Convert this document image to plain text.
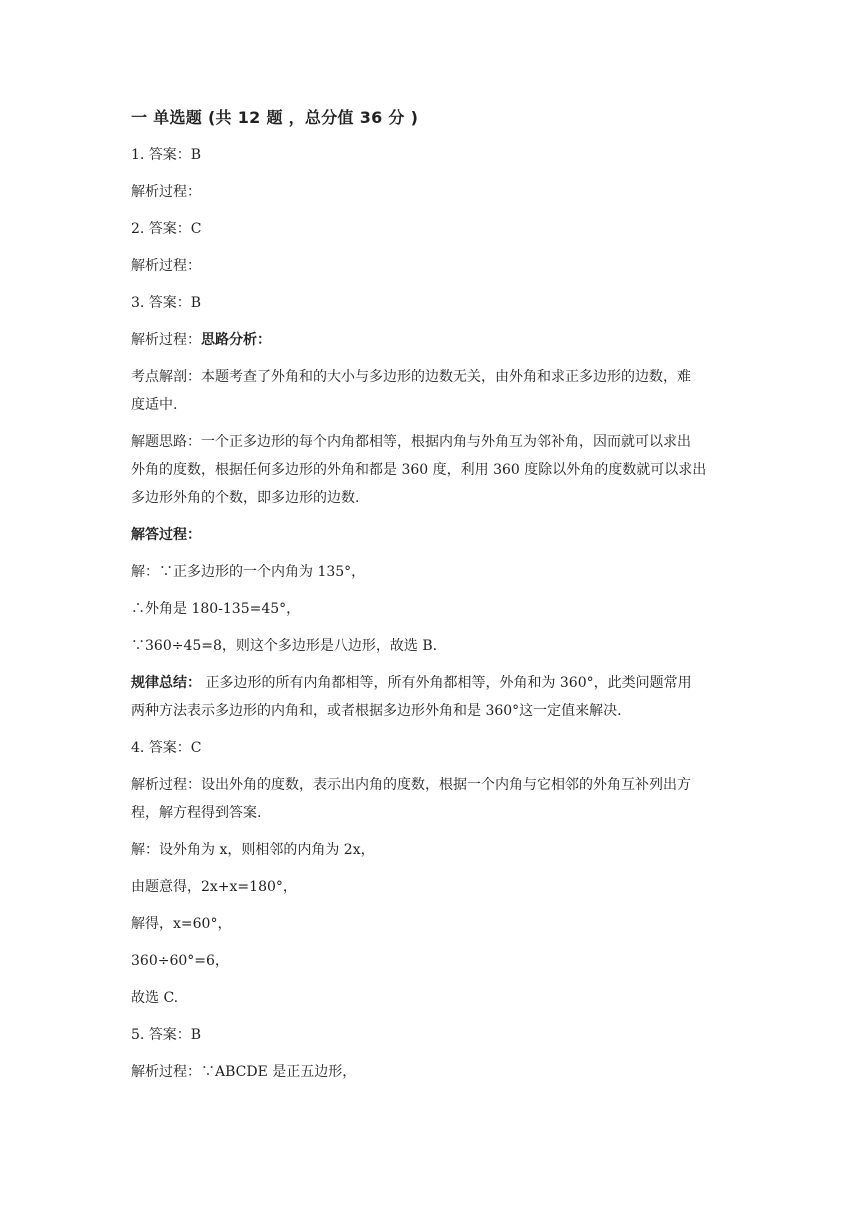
一 单选题 (共 12 题 ，总分值 36 分 )
1. 答案：B
解析过程：
2. 答案：C
解析过程：
3. 答案：B
解析过程：思路分析：
考点解剖：本题考查了外角和的大小与多边形的边数无关，由外角和求正多边形的边数，难
度适中.
解题思路：一个正多边形的每个内角都相等，根据内角与外角互为邻补角，因而就可以求出
外角的度数，根据任何多边形的外角和都是 360 度，利用 360 度除以外角的度数就可以求出
多边形外角的个数，即多边形的边数.
解答过程：
解：∵正多边形的一个内角为 135°，
∴外角是 180-135=45°，
∵360÷45=8，则这个多边形是八边形，故选 B.
规律总结： 正多边形的所有内角都相等，所有外角都相等，外角和为 360°，此类问题常用
两种方法表示多边形的内角和，或者根据多边形外角和是 360°这一定值来解决.
4. 答案：C
解析过程：设出外角的度数，表示出内角的度数，根据一个内角与它相邻的外角互补列出方
程，解方程得到答案.
解：设外角为 x，则相邻的内角为 2x，
由题意得，2x+x=180°，
解得，x=60°，
360÷60°=6，
故选 C.
5. 答案：B
解析过程：∵ABCDE 是正五边形，
